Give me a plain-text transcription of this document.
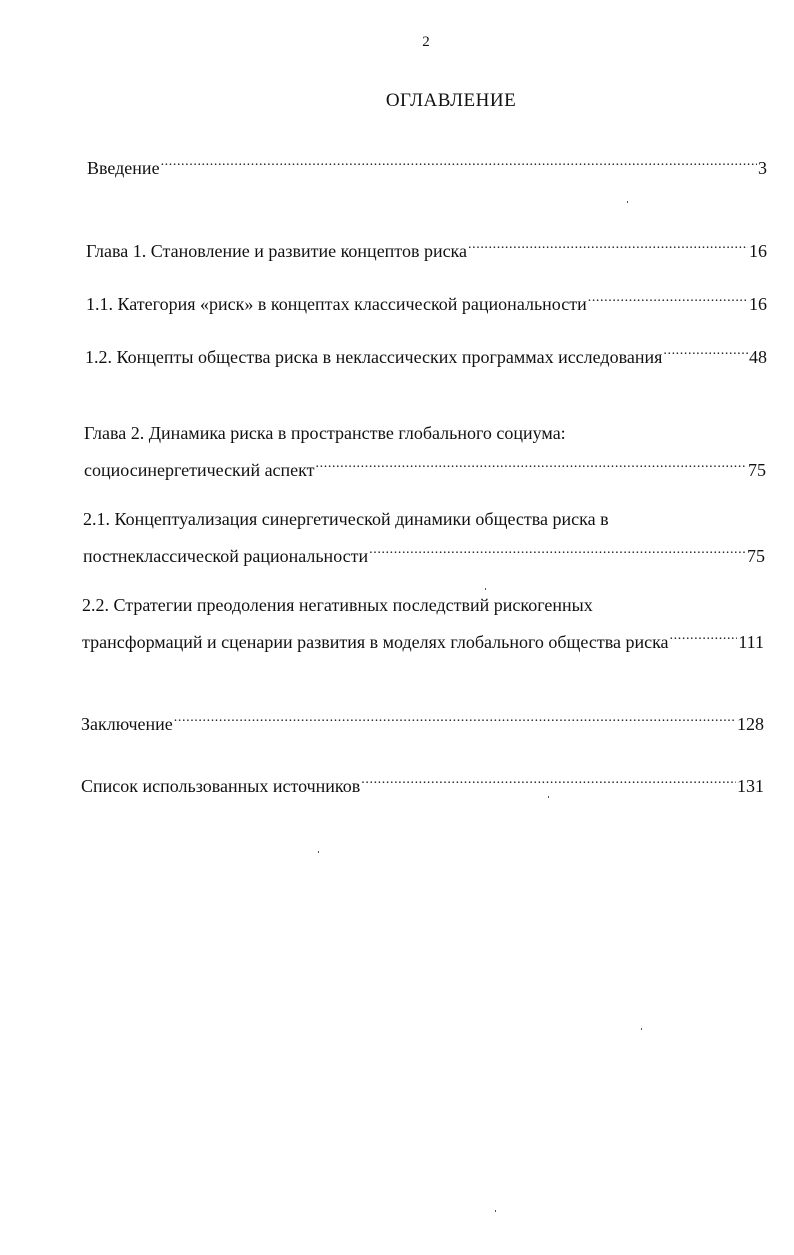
2
ОГЛАВЛЕНИЕ
Введение .....	3
Глава 1. Становление и развитие концептов риска .....	16
1.1. Категория «риск» в концептах классической рациональности .....	16
1.2. Концепты общества риска в неклассических программах исследования .....	48
Глава 2. Динамика риска в пространстве глобального социума:
социосинергетический аспект .....	75
2.1. Концептуализация синергетической динамики общества риска в
постнеклассической рациональности .....	75
2.2. Стратегии преодоления негативных последствий рискогенных
трансформаций и сценарии развития в моделях глобального общества риска .....	111
Заключение .....	128
Список использованных источников .....	131
